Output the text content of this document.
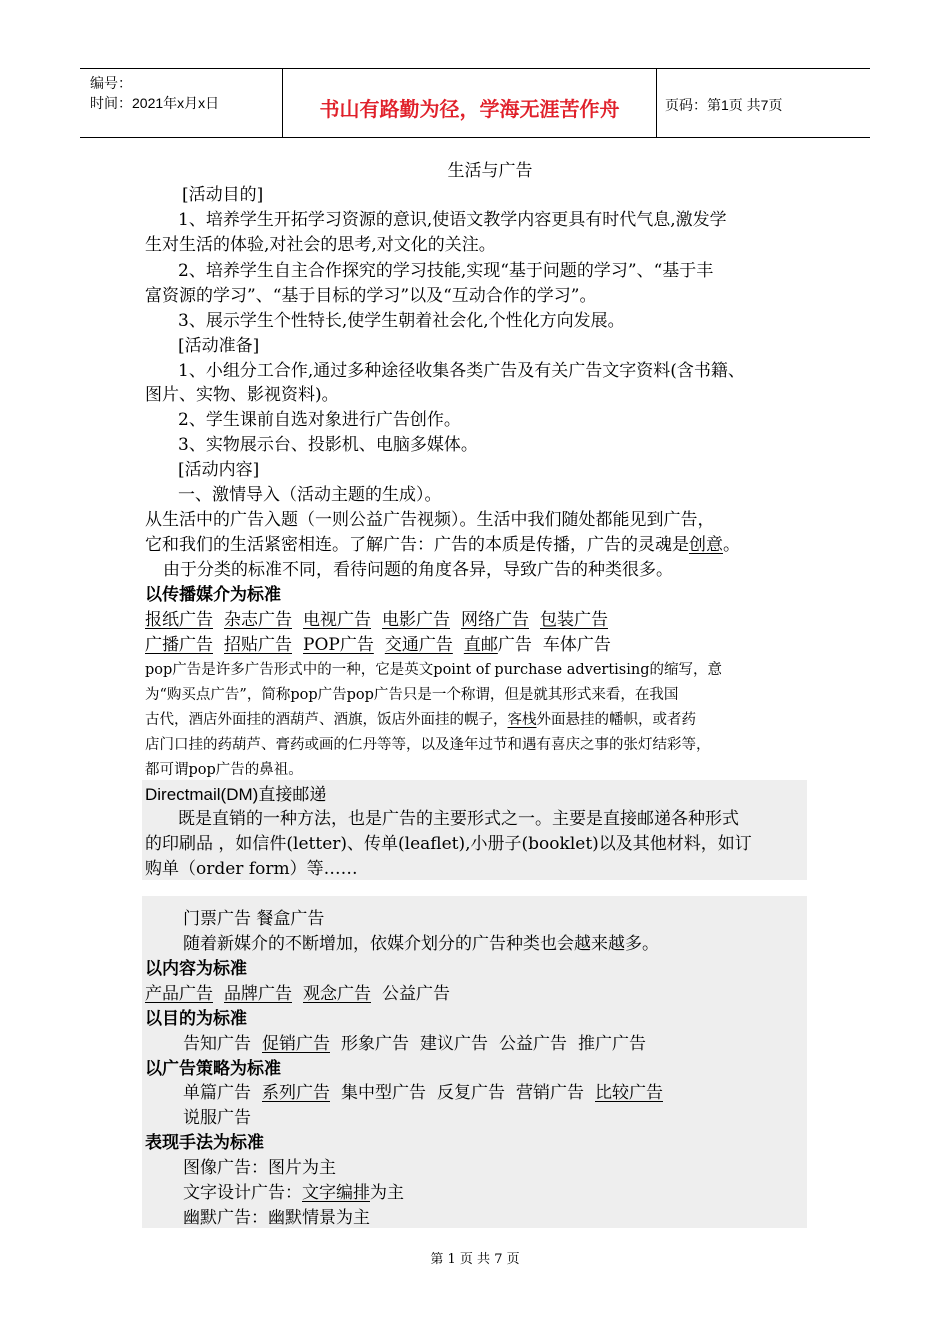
编号：
时间：2021年x月x日	书山有路勤为径，学海无涯苦作舟	页码：第1页 共7页
生活与广告
[活动目的]
1、培养学生开拓学习资源的意识,使语文教学内容更具有时代气息,激发学
生对生活的体验,对社会的思考,对文化的关注。
2、培养学生自主合作探究的学习技能,实现“基于问题的学习”、“基于丰
富资源的学习”、“基于目标的学习”以及“互动合作的学习”。
3、展示学生个性特长,使学生朝着社会化,个性化方向发展。
[活动准备]
1、小组分工合作,通过多种途径收集各类广告及有关广告文字资料(含书籍、
图片、实物、影视资料)。
2、学生课前自选对象进行广告创作。
3、实物展示台、投影机、电脑多媒体。
[活动内容]
一、激情导入（活动主题的生成）。
从生活中的广告入题（一则公益广告视频）。生活中我们随处都能见到广告，
它和我们的生活紧密相连。了解广告：广告的本质是传播，广告的灵魂是创意。
由于分类的标准不同，看待问题的角度各异，导致广告的种类很多。
以传播媒介为标准
报纸广告 杂志广告 电视广告 电影广告 网络广告 包装广告
广播广告 招贴广告 POP广告 交通广告 直邮广告 车体广告
pop广告是许多广告形式中的一种，它是英文point of purchase advertising的缩写，意
为“购买点广告”，简称pop广告pop广告只是一个称谓，但是就其形式来看，在我国
古代，酒店外面挂的酒葫芦、酒旗，饭店外面挂的幌子，客栈外面悬挂的幡帜，或者药
店门口挂的药葫芦、膏药或画的仁丹等等，以及逢年过节和遇有喜庆之事的张灯结彩等，
都可谓pop广告的鼻祖。
Directmail(DM)直接邮递
既是直销的一种方法，也是广告的主要形式之一。主要是直接邮递各种形式
的印刷品 ，如信件(letter)、传单(leaflet),小册子(booklet)以及其他材料，如订
购单（order form）等……
门票广告 餐盒广告
随着新媒介的不断增加，依媒介划分的广告种类也会越来越多。
以内容为标准
产品广告 品牌广告 观念广告 公益广告
以目的为标准
告知广告 促销广告 形象广告 建议广告 公益广告 推广广告
以广告策略为标准
单篇广告 系列广告 集中型广告 反复广告 营销广告 比较广告
说服广告
表现手法为标准
图像广告：图片为主
文字设计广告：文字编排为主
幽默广告：幽默情景为主
第 1 页 共 7 页
